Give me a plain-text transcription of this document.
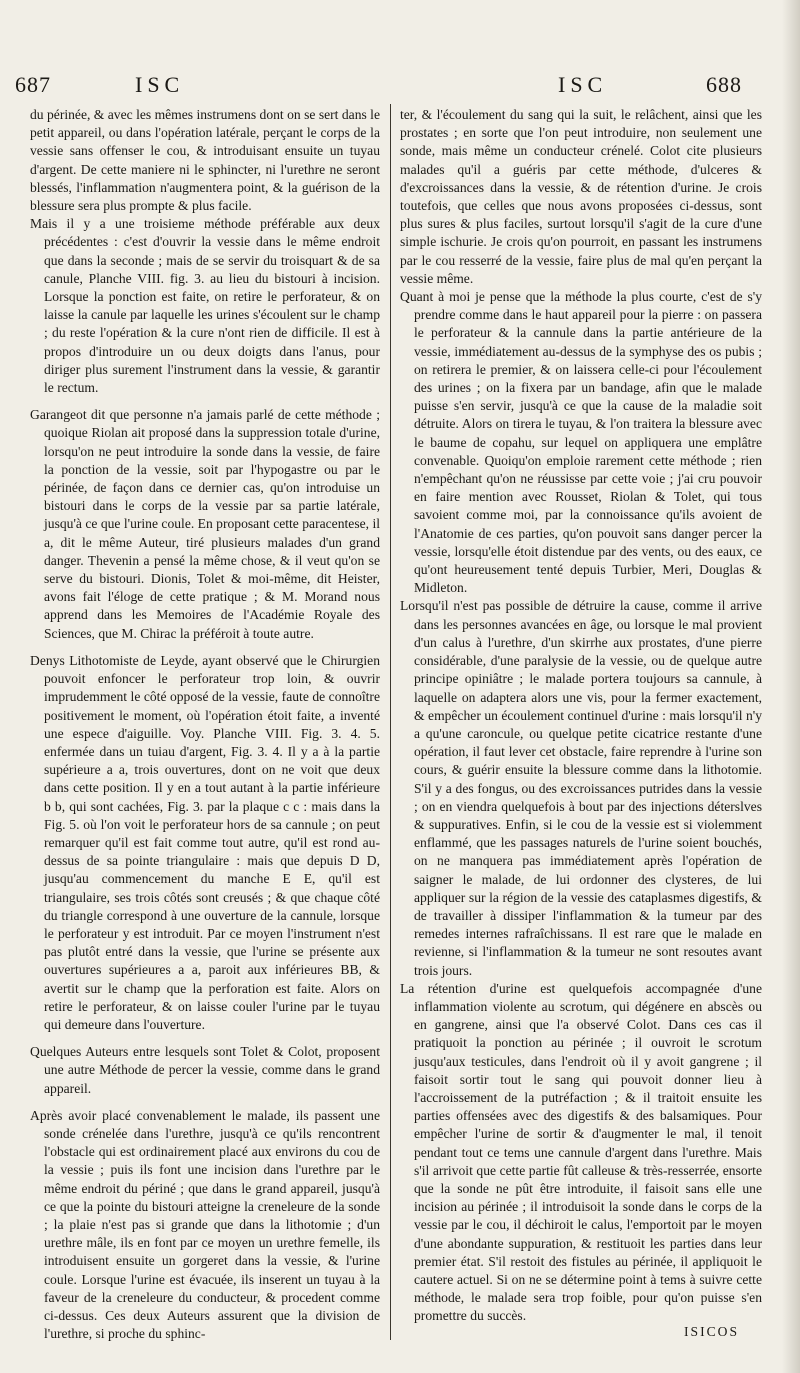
687	ISC	ISC	688

du périnée, & avec les mêmes instrumens dont on se sert dans le petit appareil, ou dans l'opération latérale, perçant le corps de la vessie sans offenser le cou, & introduisant ensuite un tuyau d'argent. De cette maniere ni le sphincter, ni l'urethre ne seront blessés, l'inflammation n'augmentera point, & la guérison de la blessure sera plus prompte & plus facile.

Mais il y a une troisieme méthode préférable aux deux précédentes : c'est d'ouvrir la vessie dans le même endroit que dans la seconde ; mais de se servir du troisquart & de sa canule, Planche VIII. fig. 3. au lieu du bistouri à incision. Lorsque la ponction est faite, on retire le perforateur, & on laisse la canule par laquelle les urines s'écoulent sur le champ ; du reste l'opération & la cure n'ont rien de difficile. Il est à propos d'introduire un ou deux doigts dans l'anus, pour diriger plus surement l'instrument dans la vessie, & garantir le rectum.

Garangeot dit que personne n'a jamais parlé de cette méthode ; quoique Riolan ait proposé dans la suppression totale d'urine, lorsqu'on ne peut introduire la sonde dans la vessie, de faire la ponction de la vessie, soit par l'hypogastre ou par le périnée, de façon dans ce dernier cas, qu'on introduise un bistouri dans le corps de la vessie par sa partie latérale, jusqu'à ce que l'urine coule. En proposant cette paracentese, il a, dit le même Auteur, tiré plusieurs malades d'un grand danger. Thevenin a pensé la même chose, & il veut qu'on se serve du bistouri. Dionis, Tolet & moi-même, dit Heister, avons fait l'éloge de cette pratique ; & M. Morand nous apprend dans les Memoires de l'Académie Royale des Sciences, que M. Chirac la préféroit à toute autre.

Denys Lithotomiste de Leyde, ayant observé que le Chirurgien pouvoit enfoncer le perforateur trop loin, & ouvrir imprudemment le côté opposé de la vessie, faute de connoître positivement le moment, où l'opération étoit faite, a inventé une espece d'aiguille. Voy. Planche VIII. Fig. 3. 4. 5. enfermée dans un tuiau d'argent, Fig. 3. 4. Il y a à la partie supérieure a a, trois ouvertures, dont on ne voit que deux dans cette position. Il y en a tout autant à la partie inférieure b b, qui sont cachées, Fig. 3. par la plaque c c : mais dans la Fig. 5. où l'on voit le perforateur hors de sa cannule ; on peut remarquer qu'il est fait comme tout autre, qu'il est rond au-dessus de sa pointe triangulaire : mais que depuis D D, jusqu'au commencement du manche E E, qu'il est triangulaire, ses trois côtés sont creusés ; & que chaque côté du triangle correspond à une ouverture de la cannule, lorsque le perforateur y est introduit. Par ce moyen l'instrument n'est pas plutôt entré dans la vessie, que l'urine se présente aux ouvertures supérieures a a, paroit aux inférieures BB, & avertit sur le champ que la perforation est faite. Alors on retire le perforateur, & on laisse couler l'urine par le tuyau qui demeure dans l'ouverture.

Quelques Auteurs entre lesquels sont Tolet & Colot, proposent une autre Méthode de percer la vessie, comme dans le grand appareil.

Après avoir placé convenablement le malade, ils passent une sonde crénelée dans l'urethre, jusqu'à ce qu'ils rencontrent l'obstacle qui est ordinairement placé aux environs du cou de la vessie ; puis ils font une incision dans l'urethre par le même endroit du périné ; que dans le grand appareil, jusqu'à ce que la pointe du bistouri atteigne la creneleure de la sonde ; la plaie n'est pas si grande que dans la lithotomie ; d'un urethre mâle, ils en font par ce moyen un urethre femelle, ils introduisent ensuite un gorgeret dans la vessie, & l'urine coule. Lorsque l'urine est évacuée, ils inserent un tuyau à la faveur de la creneleure du conducteur, & procedent comme ci-dessus. Ces deux Auteurs assurent que la division de l'urethre, si proche du sphinc-

ter, & l'écoulement du sang qui la suit, le relâchent, ainsi que les prostates ; en sorte que l'on peut introduire, non seulement une sonde, mais même un conducteur crénelé. Colot cite plusieurs malades qu'il a guéris par cette méthode, d'ulceres & d'excroissances dans la vessie, & de rétention d'urine. Je crois toutefois, que celles que nous avons proposées ci-dessus, sont plus sures & plus faciles, surtout lorsqu'il s'agit de la cure d'une simple ischurie. Je crois qu'on pourroit, en passant les instrumens par le cou resserré de la vessie, faire plus de mal qu'en perçant la vessie même.

Quant à moi je pense que la méthode la plus courte, c'est de s'y prendre comme dans le haut appareil pour la pierre : on passera le perforateur & la cannule dans la partie antérieure de la vessie, immédiatement au-dessus de la symphyse des os pubis ; on retirera le premier, & on laissera celle-ci pour l'écoulement des urines ; on la fixera par un bandage, afin que le malade puisse s'en servir, jusqu'à ce que la cause de la maladie soit détruite. Alors on tirera le tuyau, & l'on traitera la blessure avec le baume de copahu, sur lequel on appliquera une emplâtre convenable. Quoiqu'on emploie rarement cette méthode ; rien n'empêchant qu'on ne réussisse par cette voie ; j'ai cru pouvoir en faire mention avec Rousset, Riolan & Tolet, qui tous savoient comme moi, par la connoissance qu'ils avoient de l'Anatomie de ces parties, qu'on pouvoit sans danger percer la vessie, lorsqu'elle étoit distendue par des vents, ou des eaux, ce qu'ont heureusement tenté depuis Turbier, Meri, Douglas & Midleton.

Lorsqu'il n'est pas possible de détruire la cause, comme il arrive dans les personnes avancées en âge, ou lorsque le mal provient d'un calus à l'urethre, d'un skirrhe aux prostates, d'une pierre considérable, d'une paralysie de la vessie, ou de quelque autre principe opiniâtre ; le malade portera toujours sa cannule, à laquelle on adaptera alors une vis, pour la fermer exactement, & empêcher un écoulement continuel d'urine : mais lorsqu'il n'y a qu'une caroncule, ou quelque petite cicatrice restante d'une opération, il faut lever cet obstacle, faire reprendre à l'urine son cours, & guérir ensuite la blessure comme dans la lithotomie. S'il y a des fongus, ou des excroissances putrides dans la vessie ; on en viendra quelquefois à bout par des injections déterslves & suppuratives. Enfin, si le cou de la vessie est si violemment enflammé, que les passages naturels de l'urine soient bouchés, on ne manquera pas immédiatement après l'opération de saigner le malade, de lui ordonner des clysteres, de lui appliquer sur la région de la vessie des cataplasmes digestifs, & de travailler à dissiper l'inflammation & la tumeur par des remedes internes rafraîchissans. Il est rare que le malade en revienne, si l'inflammation & la tumeur ne sont resoutes avant trois jours.

La rétention d'urine est quelquefois accompagnée d'une inflammation violente au scrotum, qui dégénere en abscès ou en gangrene, ainsi que l'a observé Colot. Dans ces cas il pratiquoit la ponction au périnée ; il ouvroit le scrotum jusqu'aux testicules, dans l'endroit où il y avoit gangrene ; il faisoit sortir tout le sang qui pouvoit donner lieu à l'accroissement de la putréfaction ; & il traitoit ensuite les parties offensées avec des digestifs & des balsamiques. Pour empêcher l'urine de sortir & d'augmenter le mal, il tenoit pendant tout ce tems une cannule d'argent dans l'urethre. Mais s'il arrivoit que cette partie fût calleuse & très-resserrée, ensorte que la sonde ne pût être introduite, il faisoit sans elle une incision au périnée ; il introduisoit la sonde dans le corps de la vessie par le cou, il déchiroit le calus, l'emportoit par le moyen d'une abondante suppuration, & restituoit les parties dans leur premier état. S'il restoit des fistules au périnée, il appliquoit le cautere actuel. Si on ne se détermine point à tems à suivre cette méthode, le malade sera trop foible, pour qu'on puisse s'en promettre du succès.

ISICOS
